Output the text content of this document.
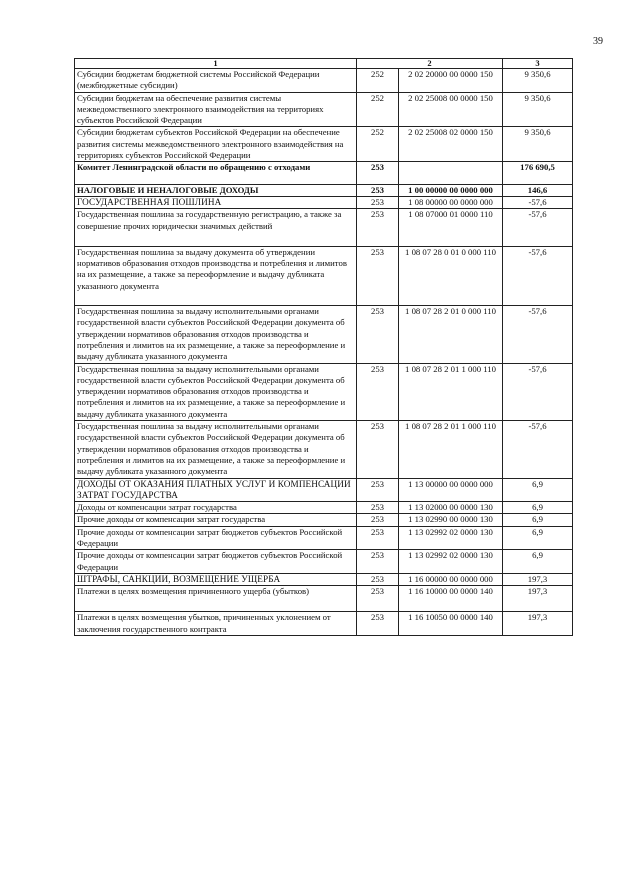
39
1	2		3
Субсидии бюджетам бюджетной системы Российской Федерации (межбюджетные субсидии)	252	2 02 20000 00 0000 150	9 350,6
Субсидии бюджетам на обеспечение развития системы межведомственного электронного взаимодействия на территориях субъектов Российской Федерации	252	2 02 25008 00 0000 150	9 350,6
Субсидии бюджетам субъектов Российской Федерации на обеспечение развития системы межведомственного электронного взаимодействия на территориях субъектов Российской Федерации	252	2 02 25008 02 0000 150	9 350,6
Комитет Ленинградской области по обращению с отходами	253		176 690,5
НАЛОГОВЫЕ И НЕНАЛОГОВЫЕ ДОХОДЫ	253	1 00 00000 00 0000 000	146,6
ГОСУДАРСТВЕННАЯ ПОШЛИНА	253	1 08 00000 00 0000 000	-57,6
Государственная пошлина за государственную регистрацию, а также за совершение прочих юридически значимых действий	253	1 08 07000 01 0000 110	-57,6
Государственная пошлина за выдачу документа об утверждении нормативов образования отходов производства и потребления и лимитов на их размещение, а также за переоформление и выдачу дубликата указанного документа	253	1 08 07 28 0 01 0 000 110	-57,6
Государственная пошлина за выдачу исполнительными органами государственной власти субъектов Российской Федерации документа об утверждении нормативов образования отходов производства и потребления и лимитов на их размещение, а также за переоформление и выдачу дубликата указанного документа	253	1 08 07 28 2 01 0 000 110	-57,6
Государственная пошлина за выдачу исполнительными органами государственной власти субъектов Российской Федерации документа об утверждении нормативов образования отходов производства и потребления и лимитов на их размещение, а также за переоформление и выдачу дубликата указанного документа	253	1 08 07 28 2 01 1 000 110	-57,6
Государственная пошлина за выдачу исполнительными органами государственной власти субъектов Российской Федерации документа об утверждении нормативов образования отходов производства и потребления и лимитов на их размещение, а также за переоформление и выдачу дубликата указанного документа	253	1 08 07 28 2 01 1 000 110	-57,6
ДОХОДЫ ОТ ОКАЗАНИЯ ПЛАТНЫХ УСЛУГ И КОМПЕНСАЦИИ ЗАТРАТ ГОСУДАРСТВА	253	1 13 00000 00 0000 000	6,9
Доходы от компенсации затрат государства	253	1 13 02000 00 0000 130	6,9
Прочие доходы от компенсации затрат государства	253	1 13 02990 00 0000 130	6,9
Прочие доходы от компенсации затрат бюджетов субъектов Российской Федерации	253	1 13 02992 02 0000 130	6,9
Прочие доходы от компенсации затрат бюджетов субъектов Российской Федерации	253	1 13 02992 02 0000 130	6,9
ШТРАФЫ, САНКЦИИ, ВОЗМЕЩЕНИЕ УЩЕРБА	253	1 16 00000 00 0000 000	197,3
Платежи в целях возмещения причиненного ущерба (убытков)	253	1 16 10000 00 0000 140	197,3
Платежи в целях возмещения убытков, причиненных уклонением от заключения государственного контракта	253	1 16 10050 00 0000 140	197,3
